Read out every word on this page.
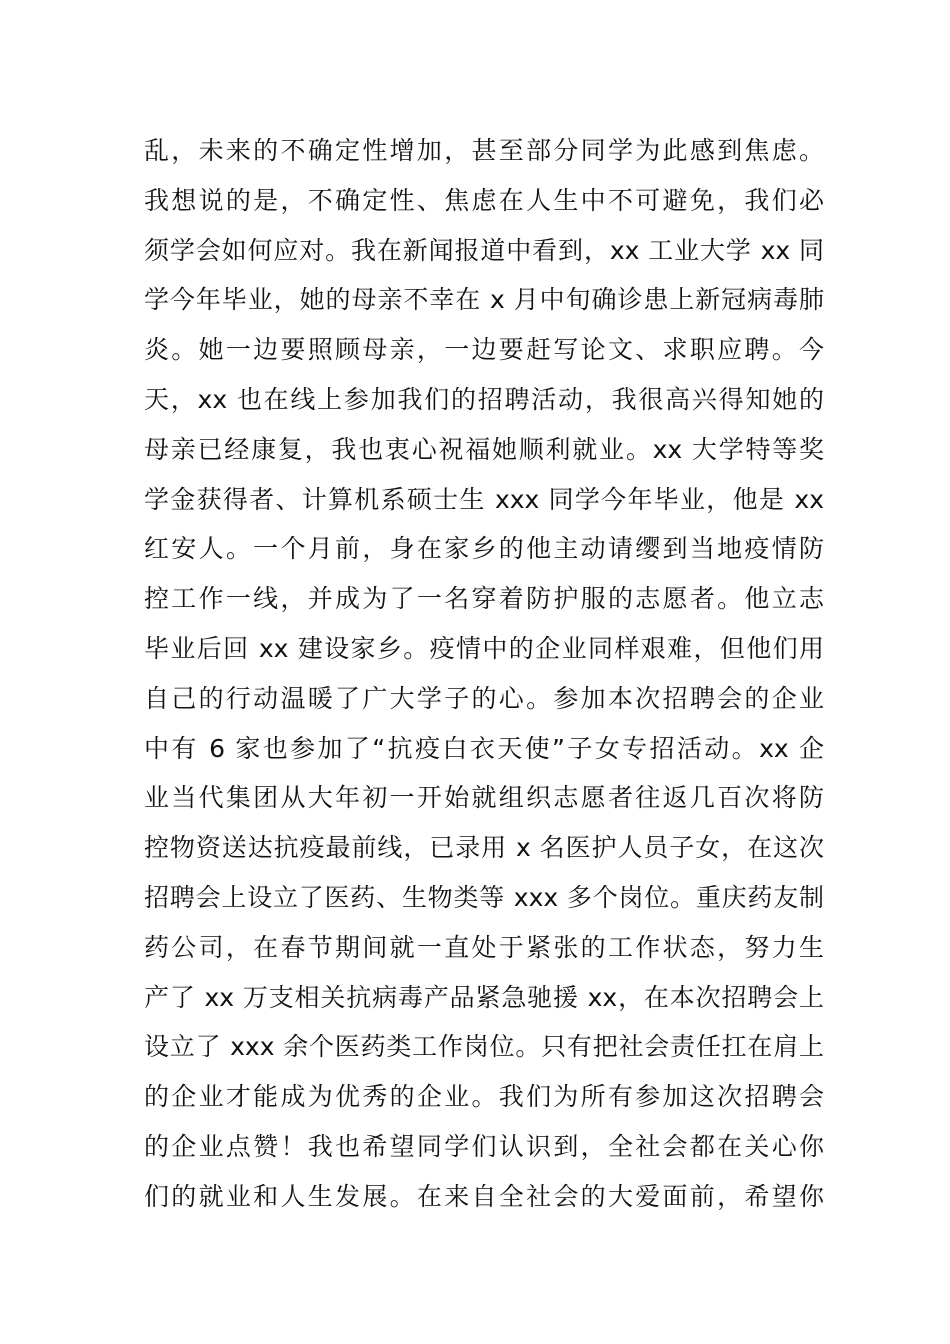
乱，未来的不确定性增加，甚至部分同学为此感到焦虑。
我想说的是，不确定性、焦虑在人生中不可避免，我们必
须学会如何应对。我在新闻报道中看到，xx 工业大学 xx 同
学今年毕业，她的母亲不幸在 x 月中旬确诊患上新冠病毒肺
炎。她一边要照顾母亲，一边要赶写论文、求职应聘。今
天，xx 也在线上参加我们的招聘活动，我很高兴得知她的
母亲已经康复，我也衷心祝福她顺利就业。xx 大学特等奖
学金获得者、计算机系硕士生 xxx 同学今年毕业，他是 xx
红安人。一个月前，身在家乡的他主动请缨到当地疫情防
控工作一线，并成为了一名穿着防护服的志愿者。他立志
毕业后回 xx 建设家乡。疫情中的企业同样艰难，但他们用
自己的行动温暖了广大学子的心。参加本次招聘会的企业
中有 6 家也参加了“抗疫白衣天使”子女专招活动。xx 企
业当代集团从大年初一开始就组织志愿者往返几百次将防
控物资送达抗疫最前线，已录用 x 名医护人员子女，在这次
招聘会上设立了医药、生物类等 xxx 多个岗位。重庆药友制
药公司，在春节期间就一直处于紧张的工作状态，努力生
产了 xx 万支相关抗病毒产品紧急驰援 xx，在本次招聘会上
设立了 xxx 余个医药类工作岗位。只有把社会责任扛在肩上
的企业才能成为优秀的企业。我们为所有参加这次招聘会
的企业点赞！我也希望同学们认识到，全社会都在关心你
们的就业和人生发展。在来自全社会的大爱面前，希望你
